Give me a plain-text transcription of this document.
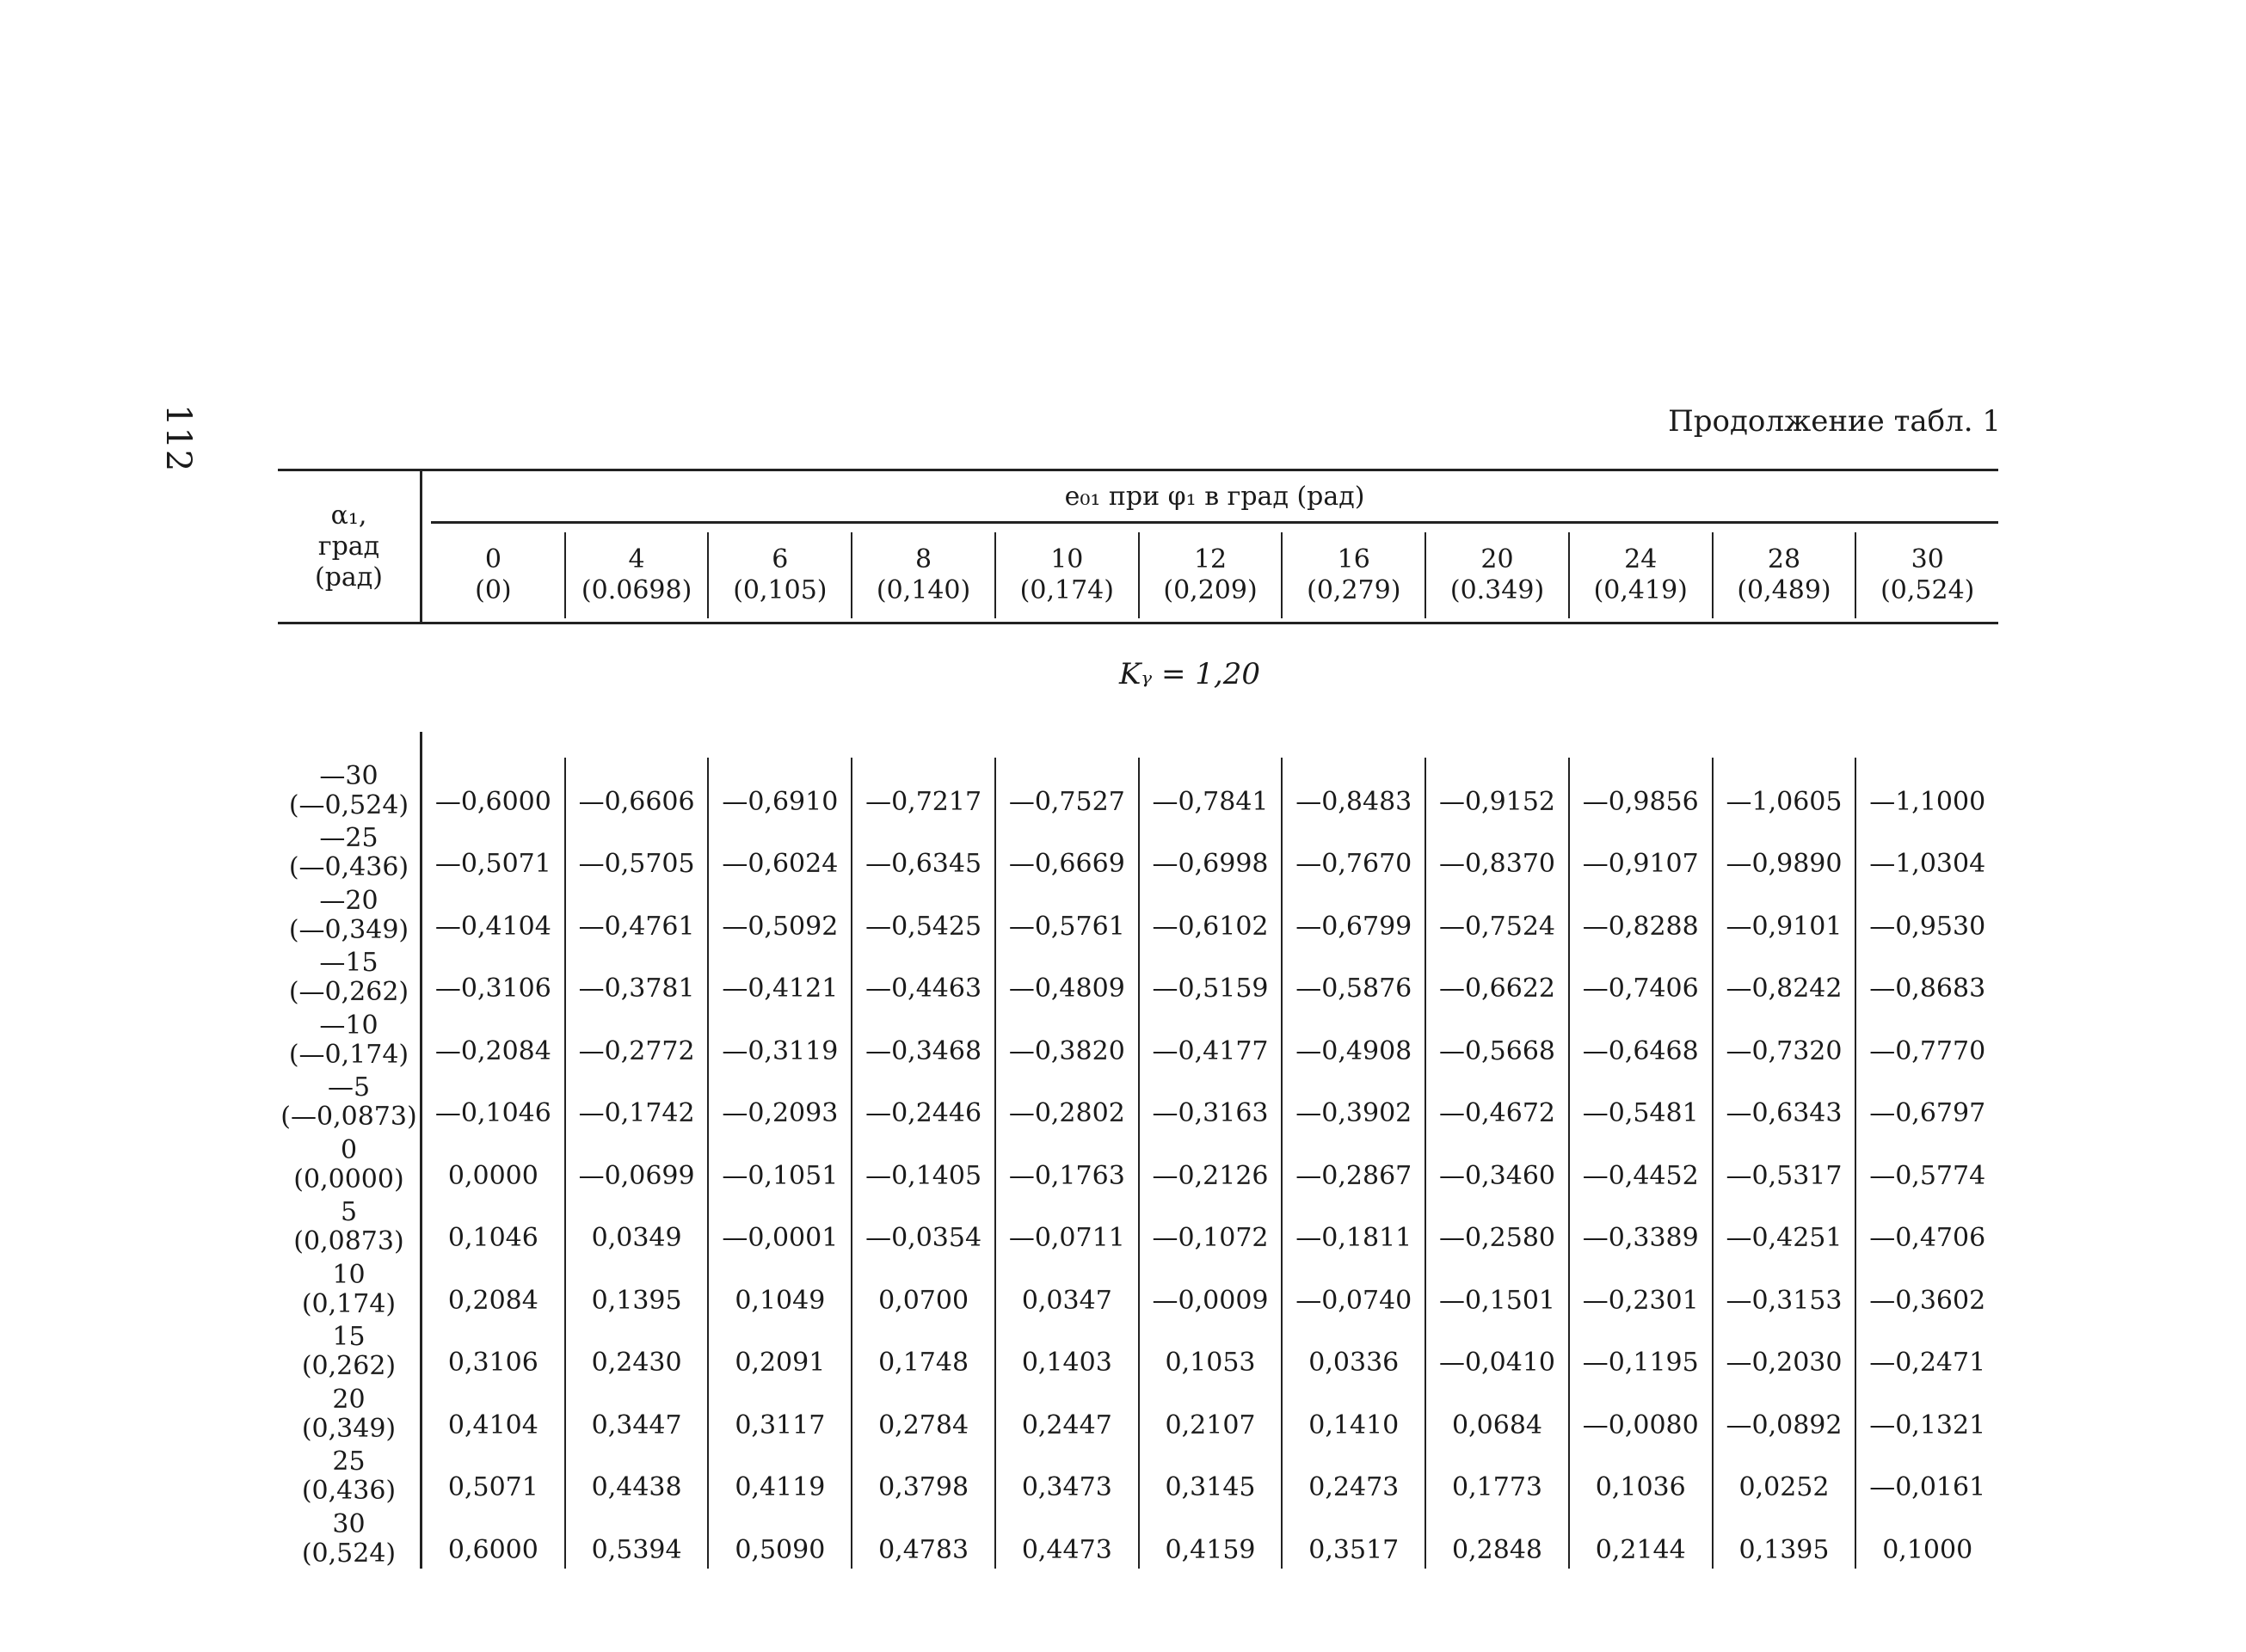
112	Продолжение табл. 1
α₁,
град
(рад)
e₀₁ при φ₁ в град (рад)
0
(0)
4
(0.0698)
6
(0,105)
8
(0,140)
10
(0,174)
12
(0,209)
16
(0,279)
20
(0.349)
24
(0,419)
28
(0,489)
30
(0,524)
Kᵧ = 1,20
—30
(—0,524)
—25
(—0,436)
—20
(—0,349)
—15
(—0,262)
—10
(—0,174)
—5
(—0,0873)
0
(0,0000)
5
(0,0873)
10
(0,174)
15
(0,262)
20
(0,349)
25
(0,436)
30
(0,524)
—0,6000
—0,5071
—0,4104
—0,3106
—0,2084
—0,1046
0,0000
0,1046
0,2084
0,3106
0,4104
0,5071
0,6000
—0,6606
—0,5705
—0,4761
—0,3781
—0,2772
—0,1742
—0,0699
0,0349
0,1395
0,2430
0,3447
0,4438
0,5394
—0,6910
—0,6024
—0,5092
—0,4121
—0,3119
—0,2093
—0,1051
—0,0001
0,1049
0,2091
0,3117
0,4119
0,5090
—0,7217
—0,6345
—0,5425
—0,4463
—0,3468
—0,2446
—0,1405
—0,0354
0,0700
0,1748
0,2784
0,3798
0,4783
—0,7527
—0,6669
—0,5761
—0,4809
—0,3820
—0,2802
—0,1763
—0,0711
0,0347
0,1403
0,2447
0,3473
0,4473
—0,7841
—0,6998
—0,6102
—0,5159
—0,4177
—0,3163
—0,2126
—0,1072
—0,0009
0,1053
0,2107
0,3145
0,4159
—0,8483
—0,7670
—0,6799
—0,5876
—0,4908
—0,3902
—0,2867
—0,1811
—0,0740
0,0336
0,1410
0,2473
0,3517
—0,9152
—0,8370
—0,7524
—0,6622
—0,5668
—0,4672
—0,3460
—0,2580
—0,1501
—0,0410
0,0684
0,1773
0,2848
—0,9856
—0,9107
—0,8288
—0,7406
—0,6468
—0,5481
—0,4452
—0,3389
—0,2301
—0,1195
—0,0080
0,1036
0,2144
—1,0605
—0,9890
—0,9101
—0,8242
—0,7320
—0,6343
—0,5317
—0,4251
—0,3153
—0,2030
—0,0892
0,0252
0,1395
—1,1000
—1,0304
—0,9530
—0,8683
—0,7770
—0,6797
—0,5774
—0,4706
—0,3602
—0,2471
—0,1321
—0,0161
0,1000
